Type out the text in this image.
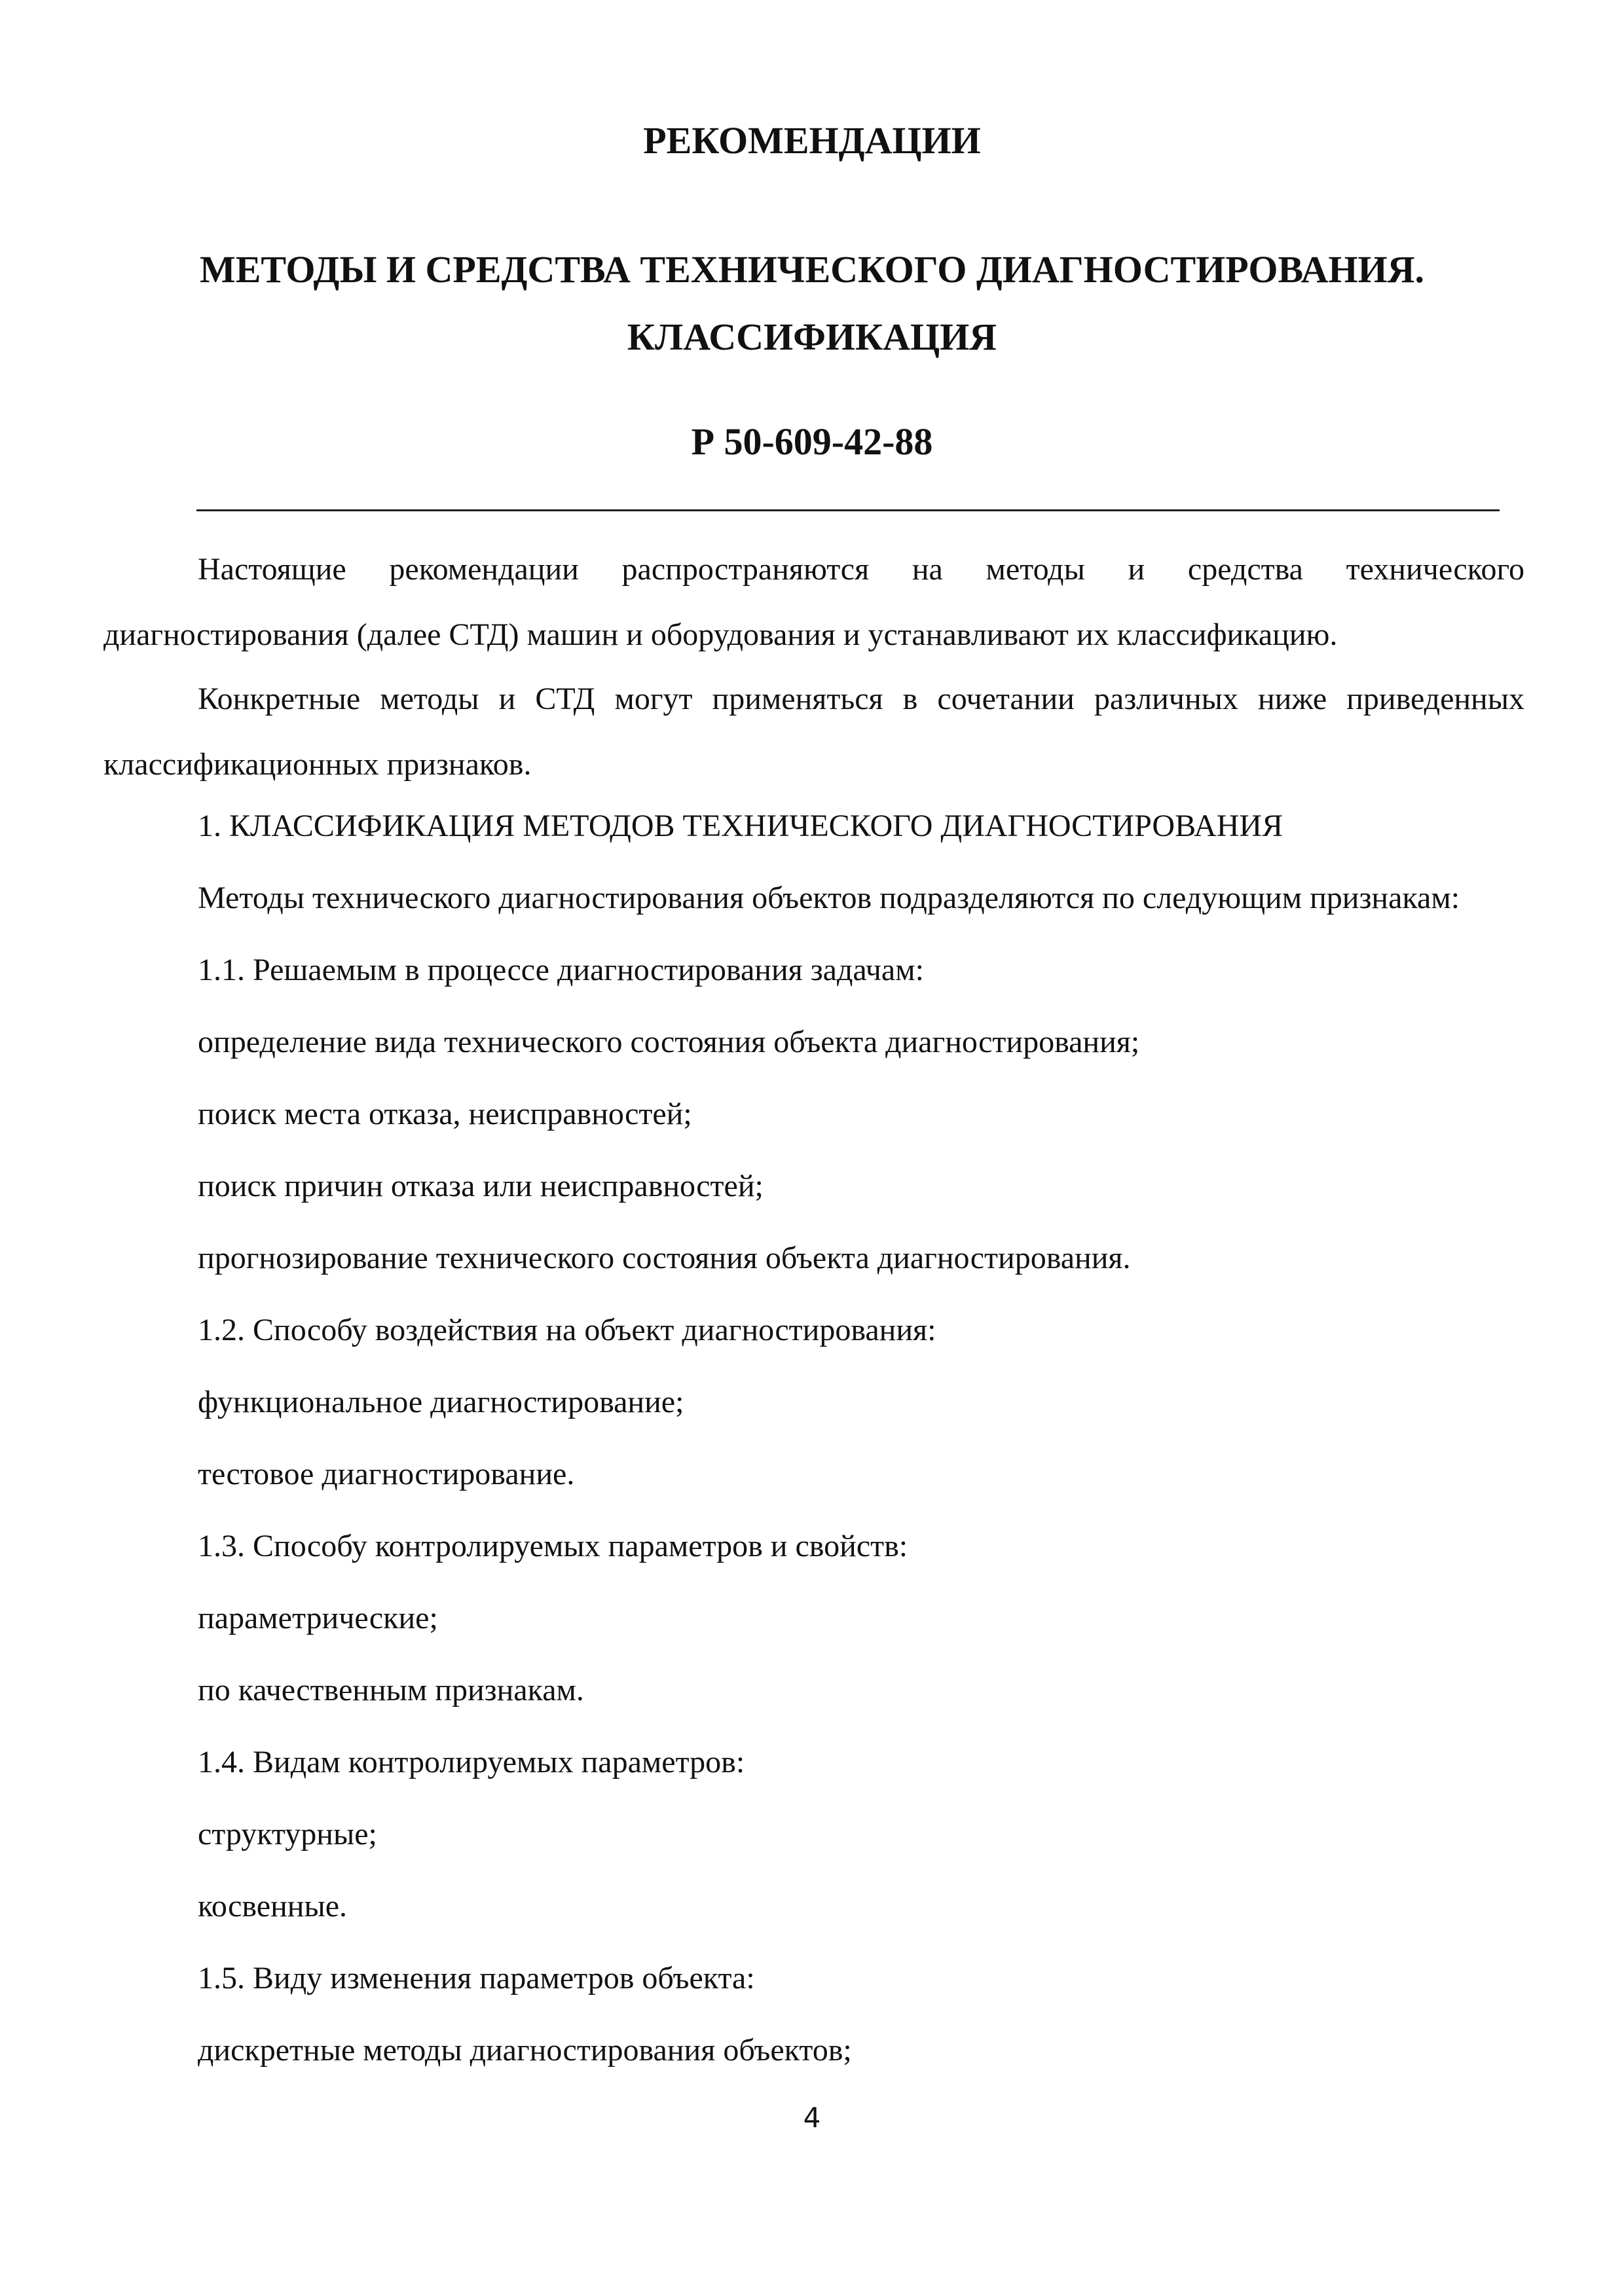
РЕКОМЕНДАЦИИ
МЕТОДЫ И СРЕДСТВА ТЕХНИЧЕСКОГО ДИАГНОСТИРОВАНИЯ.
КЛАССИФИКАЦИЯ
Р 50-609-42-88
Настоящие рекомендации распространяются на методы и средства технического диагностирования (далее СТД) машин и оборудования и устанавливают их классификацию.
Конкретные методы и СТД могут применяться в сочетании различных ниже приведенных классификационных признаков.
1. КЛАССИФИКАЦИЯ МЕТОДОВ ТЕХНИЧЕСКОГО ДИАГНОСТИРОВАНИЯ
Методы технического диагностирования объектов подразделяются по следующим признакам:
1.1. Решаемым в процессе диагностирования задачам:
определение вида технического состояния объекта диагностирования;
поиск места отказа, неисправностей;
поиск причин отказа или неисправностей;
прогнозирование технического состояния объекта диагностирования.
1.2. Способу воздействия на объект диагностирования:
функциональное диагностирование;
тестовое диагностирование.
1.3. Способу контролируемых параметров и свойств:
параметрические;
по качественным признакам.
1.4. Видам контролируемых параметров:
структурные;
косвенные.
1.5. Виду изменения параметров объекта:
дискретные методы диагностирования объектов;
4
